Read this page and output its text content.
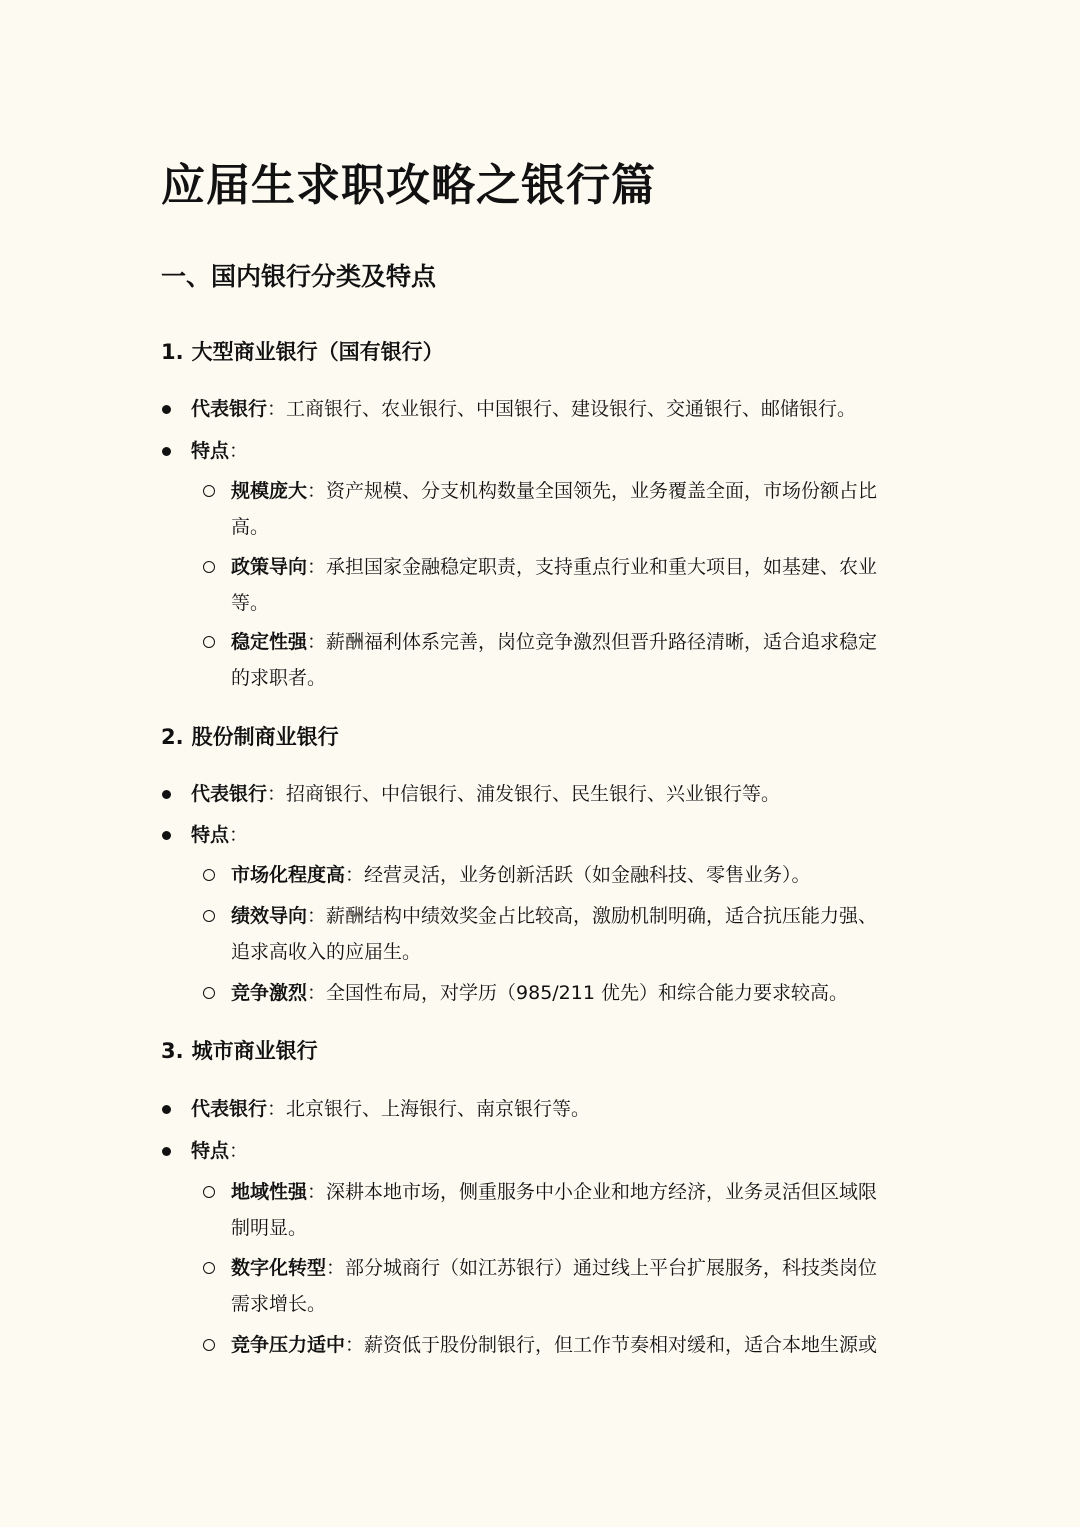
应届生求职攻略之银行篇
一、国内银行分类及特点
1. 大型商业银行（国有银行）
代表银行：工商银行、农业银行、中国银行、建设银行、交通银行、邮储银行。
特点：
规模庞大：资产规模、分支机构数量全国领先，业务覆盖全面，市场份额占比
高。
政策导向：承担国家金融稳定职责，支持重点行业和重大项目，如基建、农业
等。
稳定性强：薪酬福利体系完善，岗位竞争激烈但晋升路径清晰，适合追求稳定
的求职者。
2. 股份制商业银行
代表银行：招商银行、中信银行、浦发银行、民生银行、兴业银行等。
特点：
市场化程度高：经营灵活，业务创新活跃（如金融科技、零售业务）。
绩效导向：薪酬结构中绩效奖金占比较高，激励机制明确，适合抗压能力强、
追求高收入的应届生。
竞争激烈：全国性布局，对学历（985/211 优先）和综合能力要求较高。
3. 城市商业银行
代表银行：北京银行、上海银行、南京银行等。
特点：
地域性强：深耕本地市场，侧重服务中小企业和地方经济，业务灵活但区域限
制明显。
数字化转型：部分城商行（如江苏银行）通过线上平台扩展服务，科技类岗位
需求增长。
竞争压力适中：薪资低于股份制银行，但工作节奏相对缓和，适合本地生源或
